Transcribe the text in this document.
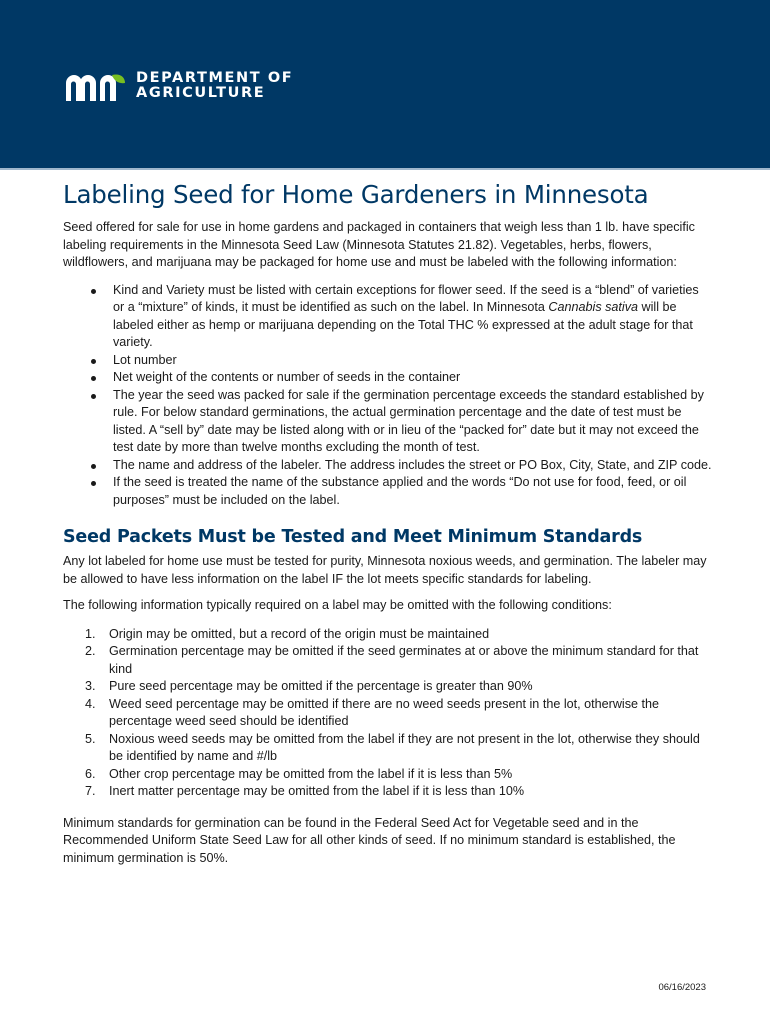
DEPARTMENT OF
AGRICULTURE
Labeling Seed for Home Gardeners in Minnesota

Seed offered for sale for use in home gardens and packaged in containers that weigh less than 1 lb. have specific labeling requirements in the Minnesota Seed Law (Minnesota Statutes 21.82). Vegetables, herbs, flowers, wildflowers, and marijuana may be packaged for home use and must be labeled with the following information:

Kind and Variety must be listed with certain exceptions for flower seed. If the seed is a “blend” of varieties or a “mixture” of kinds, it must be identified as such on the label. In Minnesota Cannabis sativa will be labeled either as hemp or marijuana depending on the Total THC % expressed at the adult stage for that variety.
Lot number
Net weight of the contents or number of seeds in the container
The year the seed was packed for sale if the germination percentage exceeds the standard established by rule. For below standard germinations, the actual germination percentage and the date of test must be listed. A “sell by” date may be listed along with or in lieu of the “packed for” date but it may not exceed the test date by more than twelve months excluding the month of test.
The name and address of the labeler. The address includes the street or PO Box, City, State, and ZIP code.
If the seed is treated the name of the substance applied and the words “Do not use for food, feed, or oil purposes” must be included on the label.
Seed Packets Must be Tested and Meet Minimum Standards

Any lot labeled for home use must be tested for purity, Minnesota noxious weeds, and germination. The labeler may be allowed to have less information on the label IF the lot meets specific standards for labeling.

The following information typically required on a label may be omitted with the following conditions:

1. Origin may be omitted, but a record of the origin must be maintained
2. Germination percentage may be omitted if the seed germinates at or above the minimum standard for that kind
3. Pure seed percentage may be omitted if the percentage is greater than 90%
4. Weed seed percentage may be omitted if there are no weed seeds present in the lot, otherwise the percentage weed seed should be identified
5. Noxious weed seeds may be omitted from the label if they are not present in the lot, otherwise they should be identified by name and #/lb
6. Other crop percentage may be omitted from the label if it is less than 5%
7. Inert matter percentage may be omitted from the label if it is less than 10%

Minimum standards for germination can be found in the Federal Seed Act for Vegetable seed and in the Recommended Uniform State Seed Law for all other kinds of seed. If no minimum standard is established, the minimum germination is 50%.

06/16/2023
